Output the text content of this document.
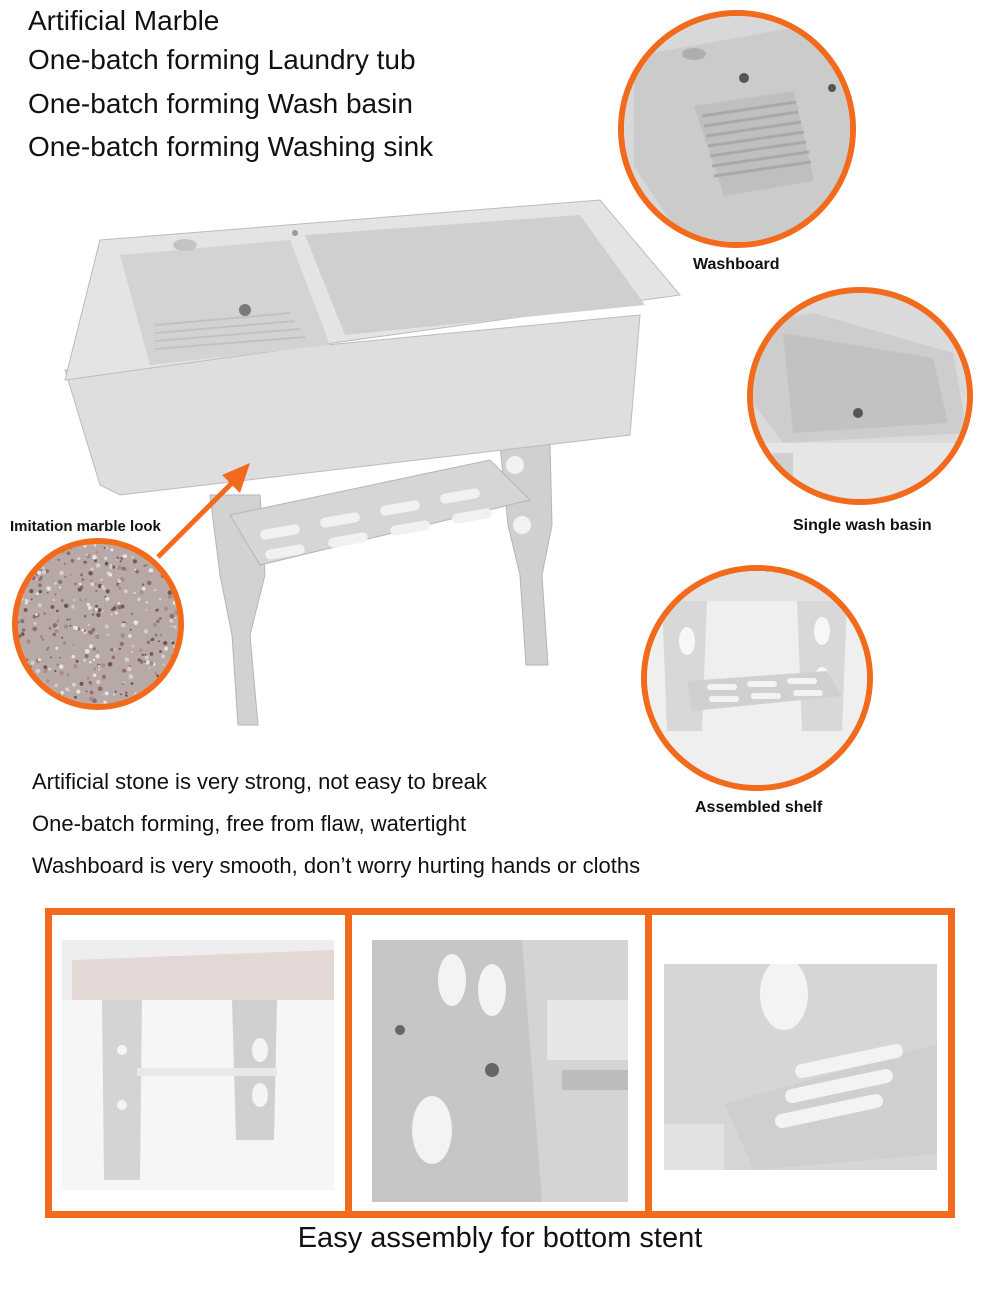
Artificial Marble
One-batch forming Laundry tub
One-batch forming Wash basin
One-batch forming Washing sink
Imitation marble look
Washboard
Single wash basin
Assembled shelf
Artificial stone is very strong, not easy to break
One-batch forming, free from flaw, watertight
Washboard is very smooth, don’t worry hurting hands or cloths
Easy assembly for bottom stent
